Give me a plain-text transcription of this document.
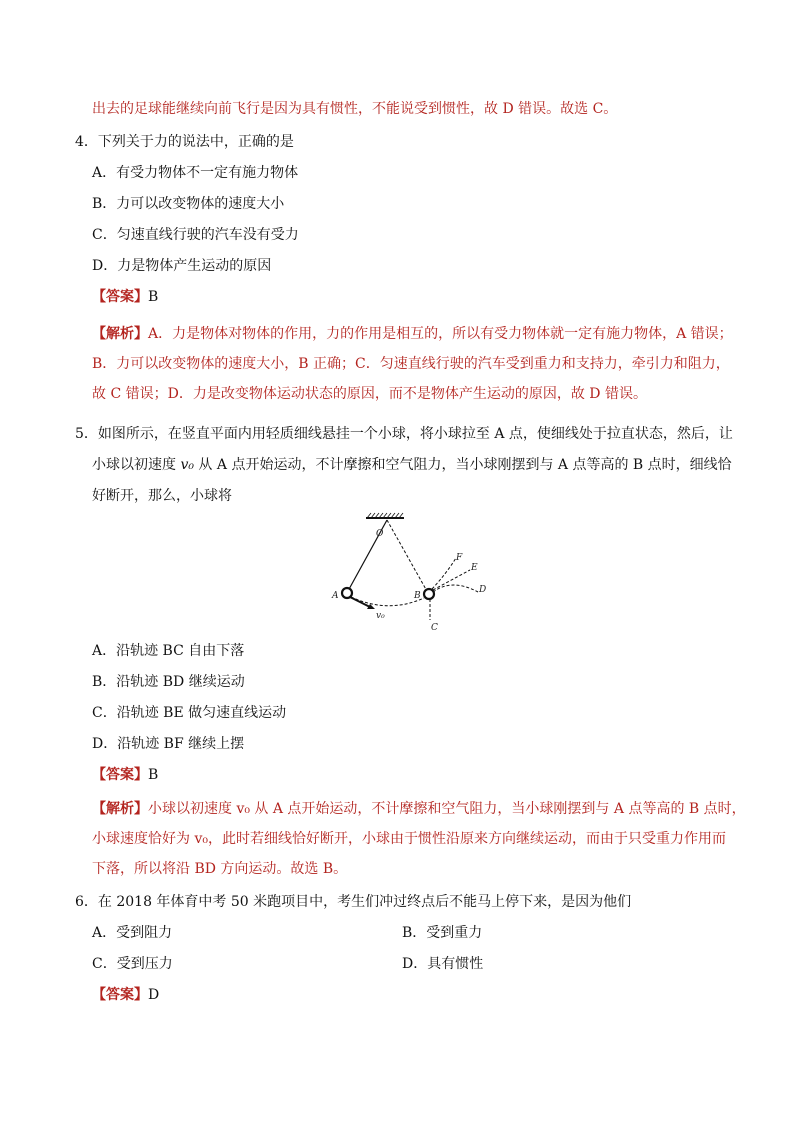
出去的足球能继续向前飞行是因为具有惯性，不能说受到惯性，故 D 错误。故选 C。
4．下列关于力的说法中，正确的是
A．有受力物体不一定有施力物体
B．力可以改变物体的速度大小
C．匀速直线行驶的汽车没有受力
D．力是物体产生运动的原因
【答案】B
【解析】A．力是物体对物体的作用，力的作用是相互的，所以有受力物体就一定有施力物体，A 错误；
B．力可以改变物体的速度大小，B 正确；C．匀速直线行驶的汽车受到重力和支持力，牵引力和阻力，
故 C 错误；D．力是改变物体运动状态的原因，而不是物体产生运动的原因，故 D 错误。
5．如图所示，在竖直平面内用轻质细线悬挂一个小球，将小球拉至 A 点，使细线处于拉直状态，然后，让
小球以初速度 v₀ 从 A 点开始运动，不计摩擦和空气阻力，当小球刚摆到与 A 点等高的 B 点时，细线恰
好断开，那么，小球将
O
A	B
C
D
E
F
v₀
A．沿轨迹 BC 自由下落
B．沿轨迹 BD 继续运动
C．沿轨迹 BE 做匀速直线运动
D．沿轨迹 BF 继续上摆
【答案】B
【解析】小球以初速度 v₀ 从 A 点开始运动，不计摩擦和空气阻力，当小球刚摆到与 A 点等高的 B 点时，
小球速度恰好为 v₀，此时若细线恰好断开，小球由于惯性沿原来方向继续运动，而由于只受重力作用而
下落，所以将沿 BD 方向运动。故选 B。
6．在 2018 年体育中考 50 米跑项目中，考生们冲过终点后不能马上停下来，是因为他们
A．受到阻力	B．受到重力
C．受到压力	D．具有惯性
【答案】D
